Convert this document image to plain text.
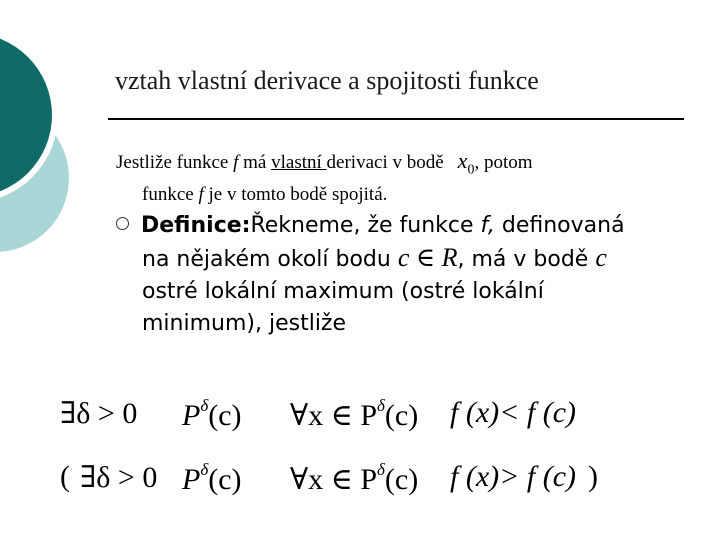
vztah vlastní derivace a spojitosti funkce
Jestliže funkce f má vlastní derivaci v bodě $x_0$, potom
funkce f je v tomto bodě spojitá.
Definice:Řekneme, že funkce f, definovaná
na nějakém okolí bodu c ∈ R, má v bodě c
ostré lokální maximum (ostré lokální
minimum), jestliže
∃δ > 0 $P^\delta(c)$ ∀x ∈ $P^\delta(c)$ f (x)< f (c)
( ∃δ > 0 $P^\delta(c)$ ∀x ∈ $P^\delta(c)$ f (x)> f (c) )
